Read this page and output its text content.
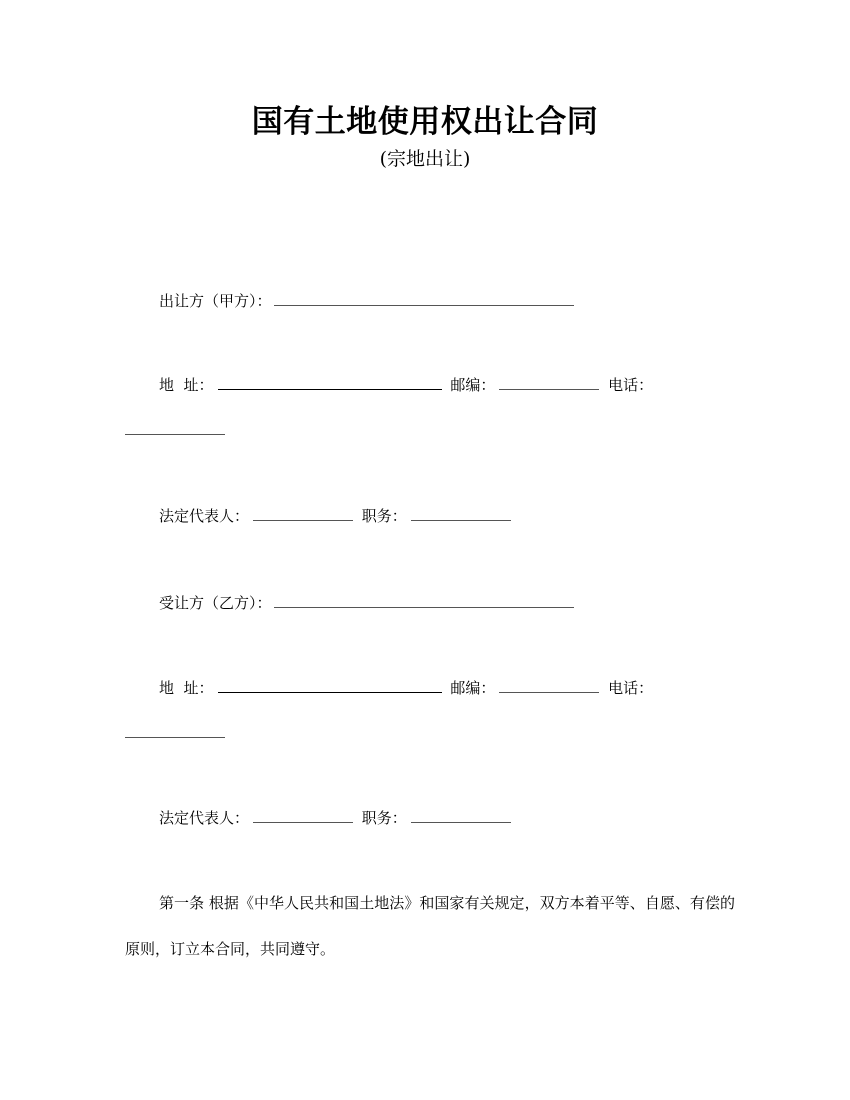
国有土地使用权出让合同
(宗地出让)
出让方（甲方）：
地  址：	邮编：	电话：
法定代表人：	职务：
受让方（乙方）：
地  址：	邮编：	电话：
法定代表人：	职务：
第一条 根据《中华人民共和国土地法》和国家有关规定，双方本着平等、自愿、有偿的原则，订立本合同，共同遵守。
